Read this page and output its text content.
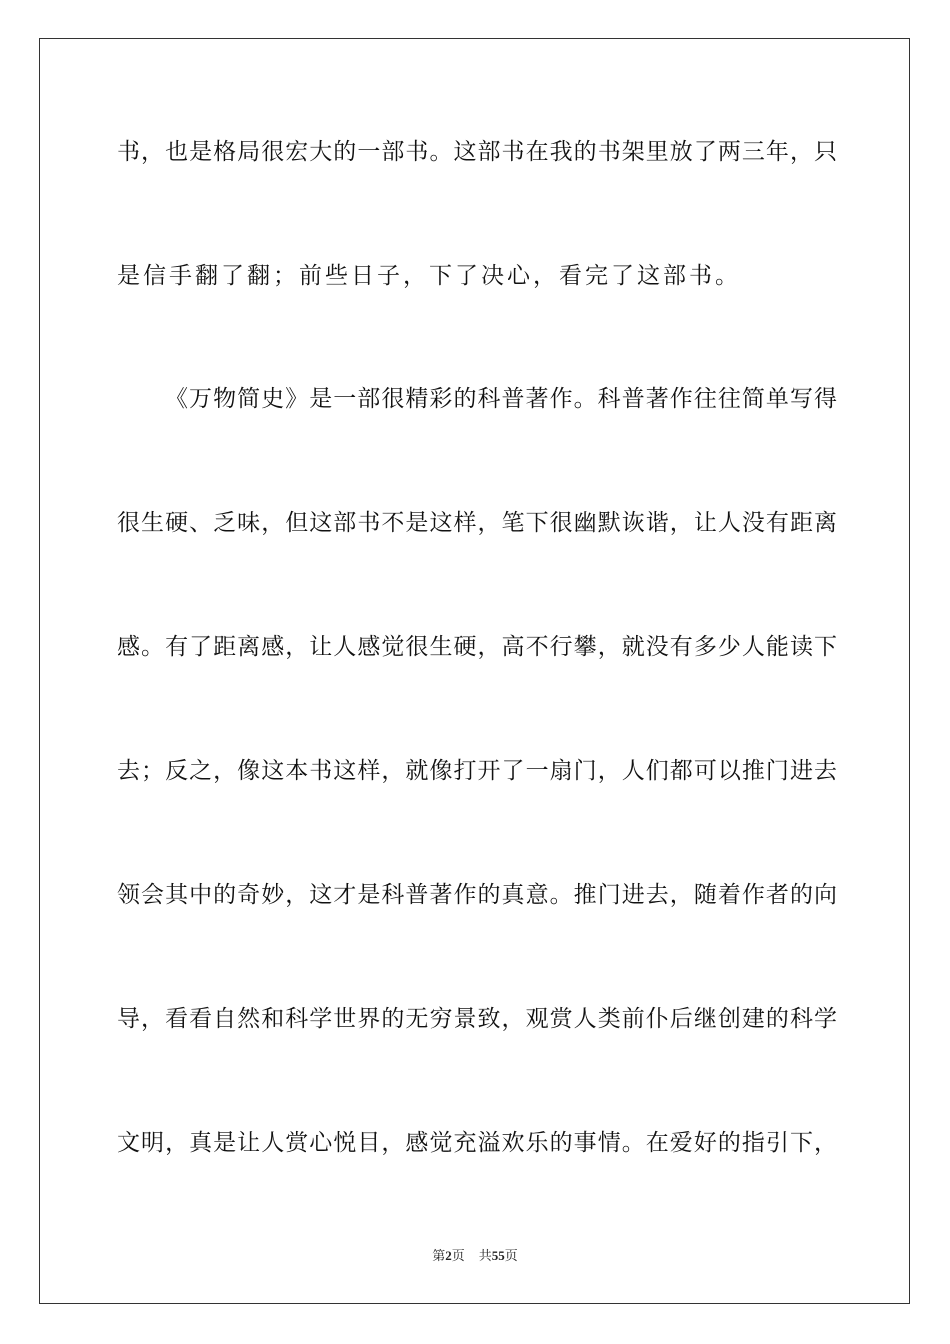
书，也是格局很宏大的一部书。这部书在我的书架里放了两三年，只
是信手翻了翻；前些日子，下了决心，看完了这部书。
《万物简史》是一部很精彩的科普著作。科普著作往往简单写得
很生硬、乏味，但这部书不是这样，笔下很幽默诙谐，让人没有距离
感。有了距离感，让人感觉很生硬，高不行攀，就没有多少人能读下
去；反之，像这本书这样，就像打开了一扇门，人们都可以推门进去
领会其中的奇妙，这才是科普著作的真意。推门进去，随着作者的向
导，看看自然和科学世界的无穷景致，观赏人类前仆后继创建的科学
文明，真是让人赏心悦目，感觉充溢欢乐的事情。在爱好的指引下，
第2页 共55页
